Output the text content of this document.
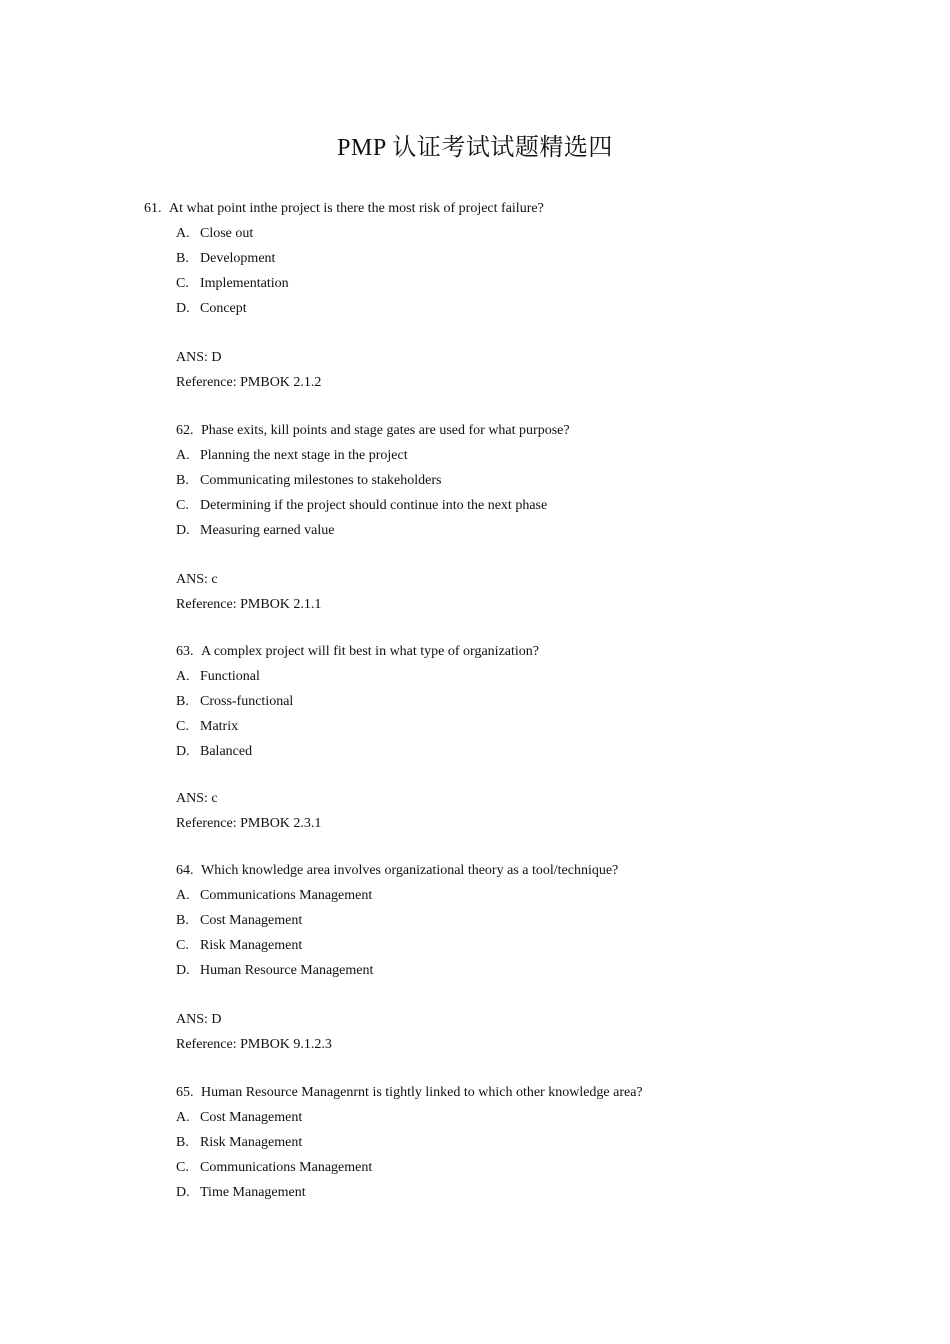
PMP 认证考试试题精选四
61. At what point inthe project is there the most risk of project failure?
A. Close out
B. Development
C. Implementation
D. Concept
ANS: D
Reference: PMBOK 2.1.2
62. Phase exits, kill points and stage gates are used for what purpose?
A. Planning the next stage in the project
B. Communicating milestones to stakeholders
C. Determining if the project should continue into the next phase
D. Measuring earned value
ANS: c
Reference: PMBOK 2.1.1
63. A complex project will fit best in what type of organization?
A. Functional
B. Cross-functional
C. Matrix
D. Balanced
ANS: c
Reference: PMBOK 2.3.1
64. Which knowledge area involves organizational theory as a tool/technique?
A. Communications Management
B. Cost Management
C. Risk Management
D. Human Resource Management
ANS: D
Reference: PMBOK 9.1.2.3
65. Human Resource Managenrnt is tightly linked to which other knowledge area?
A. Cost Management
B. Risk Management
C. Communications Management
D. Time Management
